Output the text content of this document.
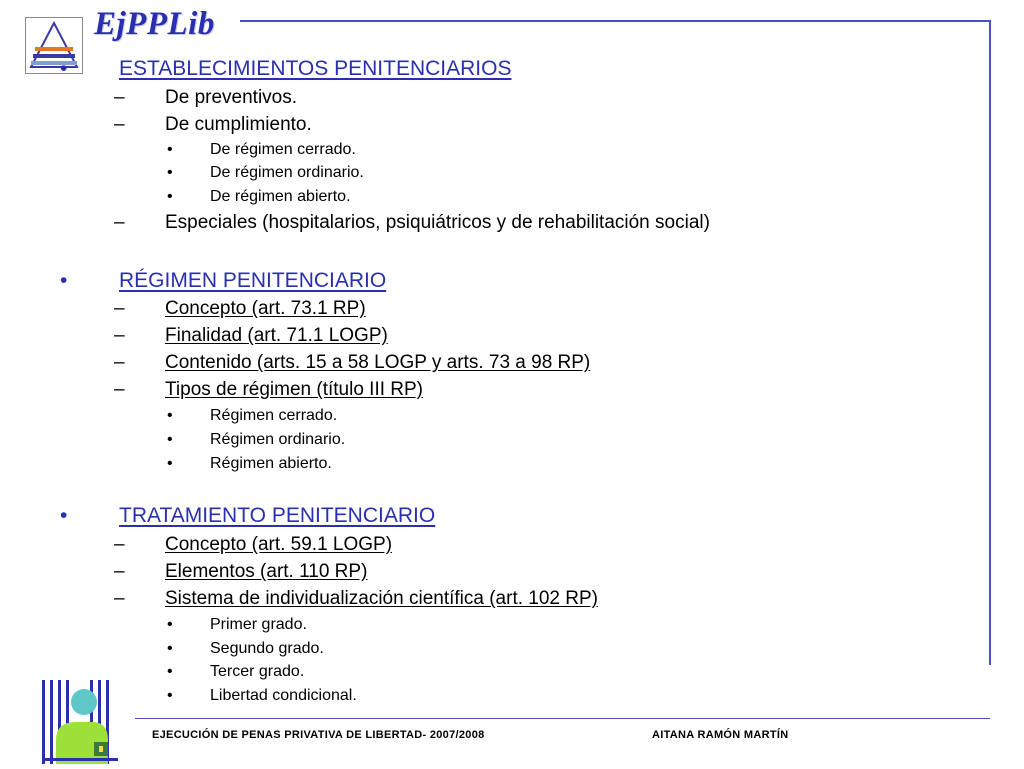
EjPPLib
• ESTABLECIMIENTOS PENITENCIARIOS
– De preventivos.
– De cumplimiento.
• De régimen cerrado.
• De régimen ordinario.
• De régimen abierto.
– Especiales (hospitalarios, psiquiátricos y de rehabilitación social)
• RÉGIMEN PENITENCIARIO
– Concepto (art. 73.1 RP)
– Finalidad (art. 71.1 LOGP)
– Contenido (arts. 15 a 58 LOGP y arts. 73 a 98 RP)
– Tipos de régimen (título III RP)
• Régimen cerrado.
• Régimen ordinario.
• Régimen abierto.
• TRATAMIENTO PENITENCIARIO
– Concepto (art. 59.1 LOGP)
– Elementos (art. 110 RP)
– Sistema de individualización científica (art. 102 RP)
• Primer grado.
• Segundo grado.
• Tercer grado.
• Libertad condicional.
EJECUCIÓN DE PENAS PRIVATIVA DE LIBERTAD- 2007/2008	AITANA RAMÓN MARTÍN
